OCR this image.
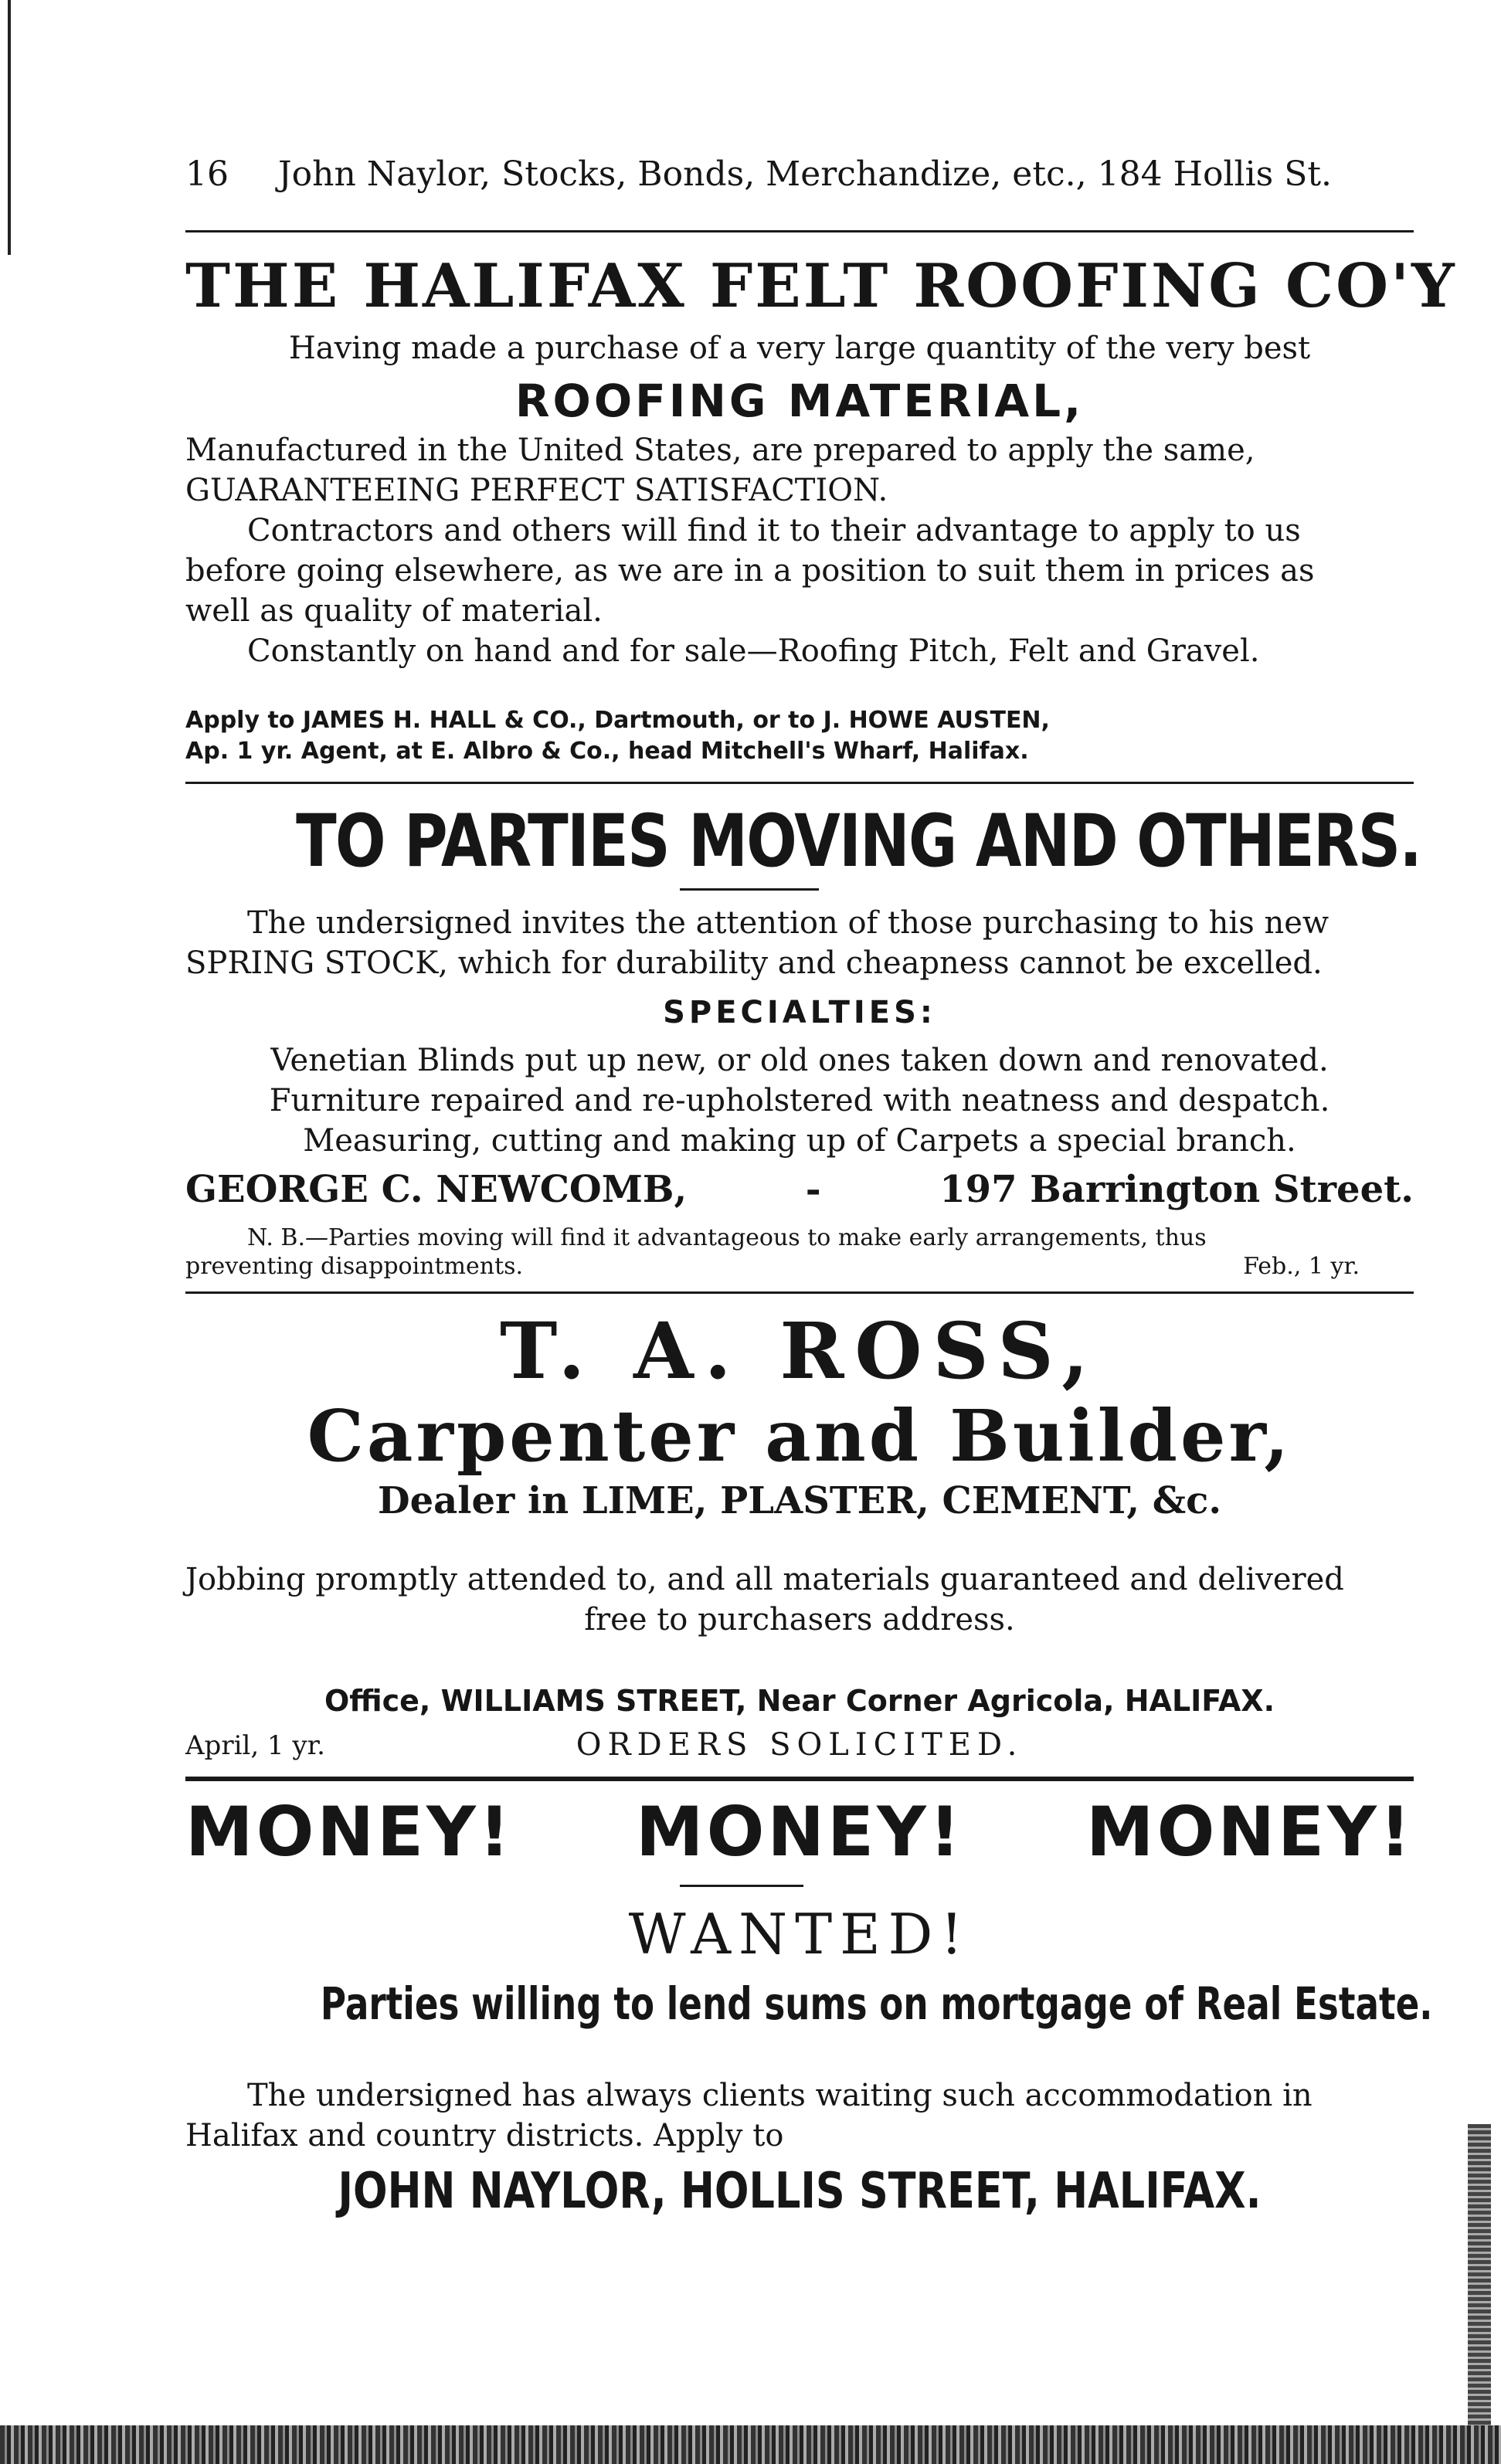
16 John Naylor, Stocks, Bonds, Merchandize, etc., 184 Hollis St.
THE HALIFAX FELT ROOFING CO'Y
Having made a purchase of a very large quantity of the very best
ROOFING MATERIAL,
Manufactured in the United States, are prepared to apply the same,
GUARANTEEING PERFECT SATISFACTION.
Contractors and others will find it to their advantage to apply to us
before going elsewhere, as we are in a position to suit them in prices as
well as quality of material.
Constantly on hand and for sale—Roofing Pitch, Felt and Gravel.
Apply to JAMES H. HALL & CO., Dartmouth, or to J. HOWE AUSTEN,
Ap. 1 yr. Agent, at E. Albro & Co., head Mitchell's Wharf, Halifax.
TO PARTIES MOVING AND OTHERS.
The undersigned invites the attention of those purchasing to his new
SPRING STOCK, which for durability and cheapness cannot be excelled.
SPECIALTIES:
Venetian Blinds put up new, or old ones taken down and renovated.
Furniture repaired and re-upholstered with neatness and despatch.
Measuring, cutting and making up of Carpets a special branch.
GEORGE C. NEWCOMB,	-	197 Barrington Street.
N. B.—Parties moving will find it advantageous to make early arrangements, thus
preventing disappointments.	Feb., 1 yr.
T. A. ROSS,
Carpenter and Builder,
Dealer in LIME, PLASTER, CEMENT, &c.
Jobbing promptly attended to, and all materials guaranteed and delivered
free to purchasers address.
Office, WILLIAMS STREET, Near Corner Agricola, HALIFAX.
April, 1 yr.	ORDERS SOLICITED.
MONEY! MONEY! MONEY!
WANTED!
Parties willing to lend sums on mortgage of Real Estate.
The undersigned has always clients waiting such accommodation in
Halifax and country districts. Apply to
JOHN NAYLOR, HOLLIS STREET, HALIFAX.
